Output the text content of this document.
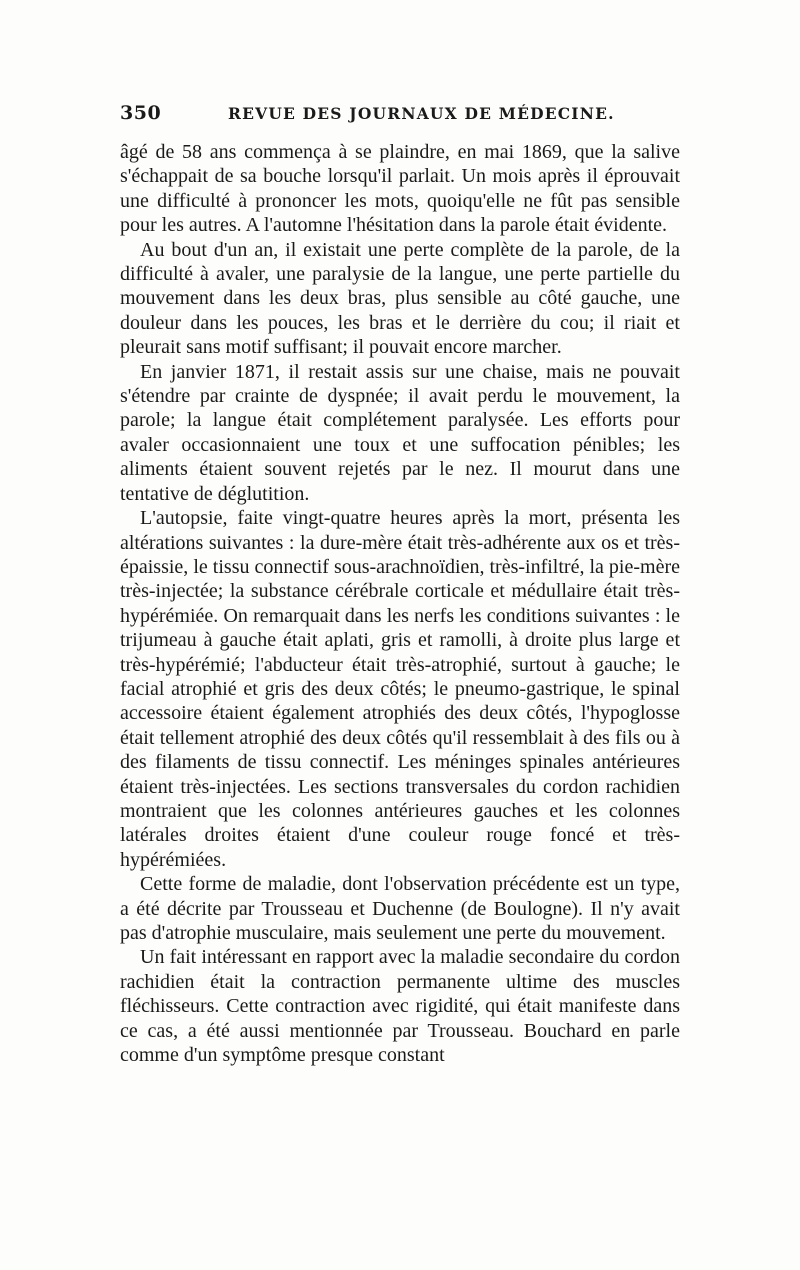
350	REVUE DES JOURNAUX DE MÉDECINE.

âgé de 58 ans commença à se plaindre, en mai 1869, que la salive s'échappait de sa bouche lorsqu'il parlait. Un mois après il éprouvait une difficulté à prononcer les mots, quoiqu'elle ne fût pas sensible pour les autres. A l'automne l'hésitation dans la parole était évidente.

Au bout d'un an, il existait une perte complète de la parole, de la difficulté à avaler, une paralysie de la langue, une perte partielle du mouvement dans les deux bras, plus sensible au côté gauche, une douleur dans les pouces, les bras et le derrière du cou; il riait et pleurait sans motif suffisant; il pouvait encore marcher.

En janvier 1871, il restait assis sur une chaise, mais ne pouvait s'étendre par crainte de dyspnée; il avait perdu le mouvement, la parole; la langue était complétement paralysée. Les efforts pour avaler occasionnaient une toux et une suffocation pénibles; les aliments étaient souvent rejetés par le nez. Il mourut dans une tentative de déglutition.

L'autopsie, faite vingt-quatre heures après la mort, présenta les altérations suivantes : la dure-mère était très-adhérente aux os et très-épaissie, le tissu connectif sous-arachnoïdien, très-infiltré, la pie-mère très-injectée; la substance cérébrale corticale et médullaire était très-hypérémiée. On remarquait dans les nerfs les conditions suivantes : le trijumeau à gauche était aplati, gris et ramolli, à droite plus large et très-hypérémié; l'abducteur était très-atrophié, surtout à gauche; le facial atrophié et gris des deux côtés; le pneumo-gastrique, le spinal accessoire étaient également atrophiés des deux côtés, l'hypoglosse était tellement atrophié des deux côtés qu'il ressemblait à des fils ou à des filaments de tissu connectif. Les méninges spinales antérieures étaient très-injectées. Les sections transversales du cordon rachidien montraient que les colonnes antérieures gauches et les colonnes latérales droites étaient d'une couleur rouge foncé et très-hypérémiées.

Cette forme de maladie, dont l'observation précédente est un type, a été décrite par Trousseau et Duchenne (de Boulogne). Il n'y avait pas d'atrophie musculaire, mais seulement une perte du mouvement.

Un fait intéressant en rapport avec la maladie secondaire du cordon rachidien était la contraction permanente ultime des muscles fléchisseurs. Cette contraction avec rigidité, qui était manifeste dans ce cas, a été aussi mentionnée par Trousseau. Bouchard en parle comme d'un symptôme presque constant
